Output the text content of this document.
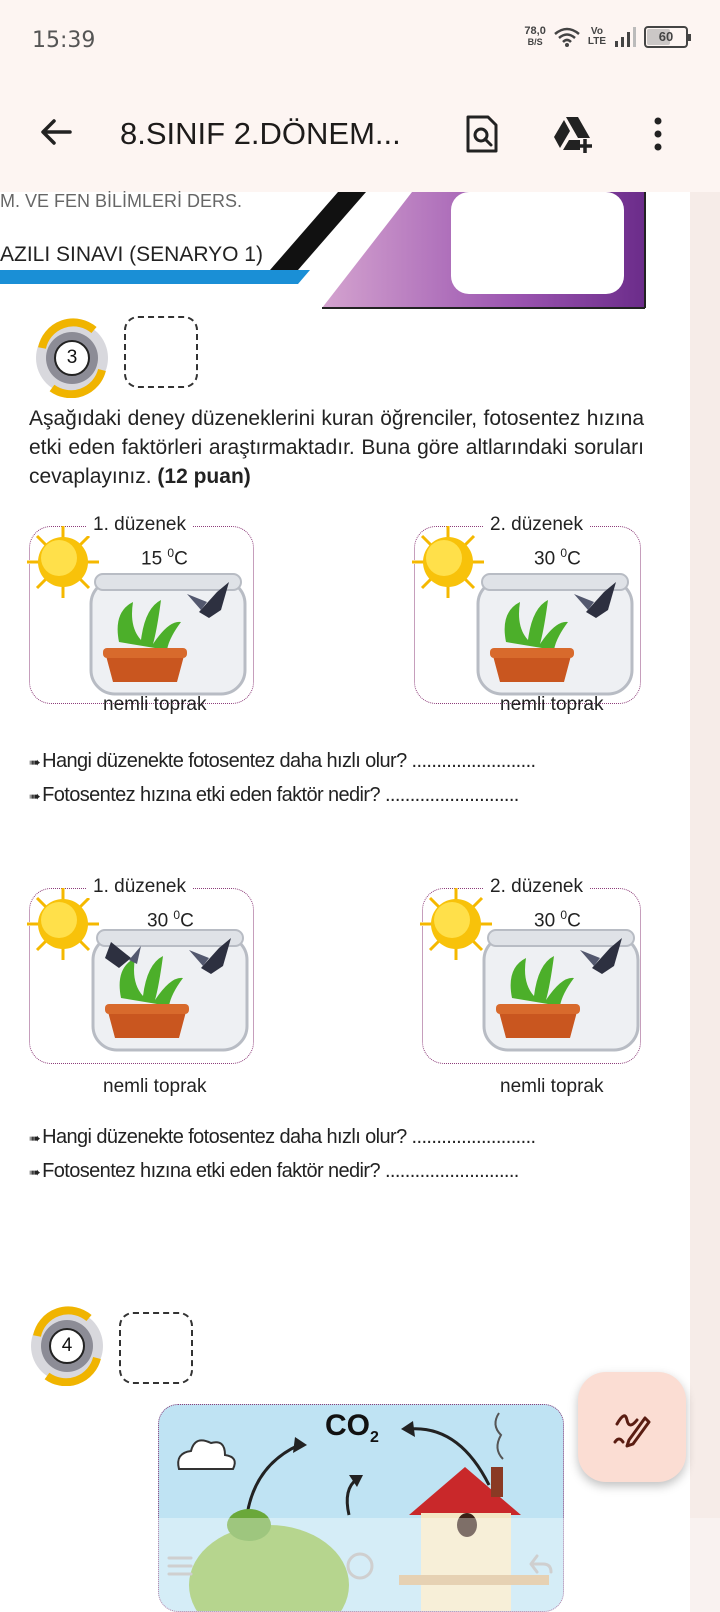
15:39	78,0
B/S
Vo
LTE	60
8.SINIF 2.DÖNEM...
M. VE FEN BİLİMLERİ DERS.
AZILI SINAVI (SENARYO 1)
3
Aşağıdaki deney düzeneklerini kuran öğrenciler, fotosentez hızına etki eden faktörleri araştırmaktadır. Buna göre altlarındaki soruları cevaplayınız. (12 puan)
1. düzenek
15 $^0$C
nemli toprak
2. düzenek
30 $^0$C
nemli toprak
➠ Hangi düzenekte fotosentez daha hızlı olur? .........................
➠ Fotosentez hızına etki eden faktör nedir? ...........................
1. düzenek
30 $^0$C
nemli toprak
2. düzenek
30 $^0$C
nemli toprak
➠ Hangi düzenekte fotosentez daha hızlı olur? .........................
➠ Fotosentez hızına etki eden faktör nedir? ...........................
4
$CO_2$
